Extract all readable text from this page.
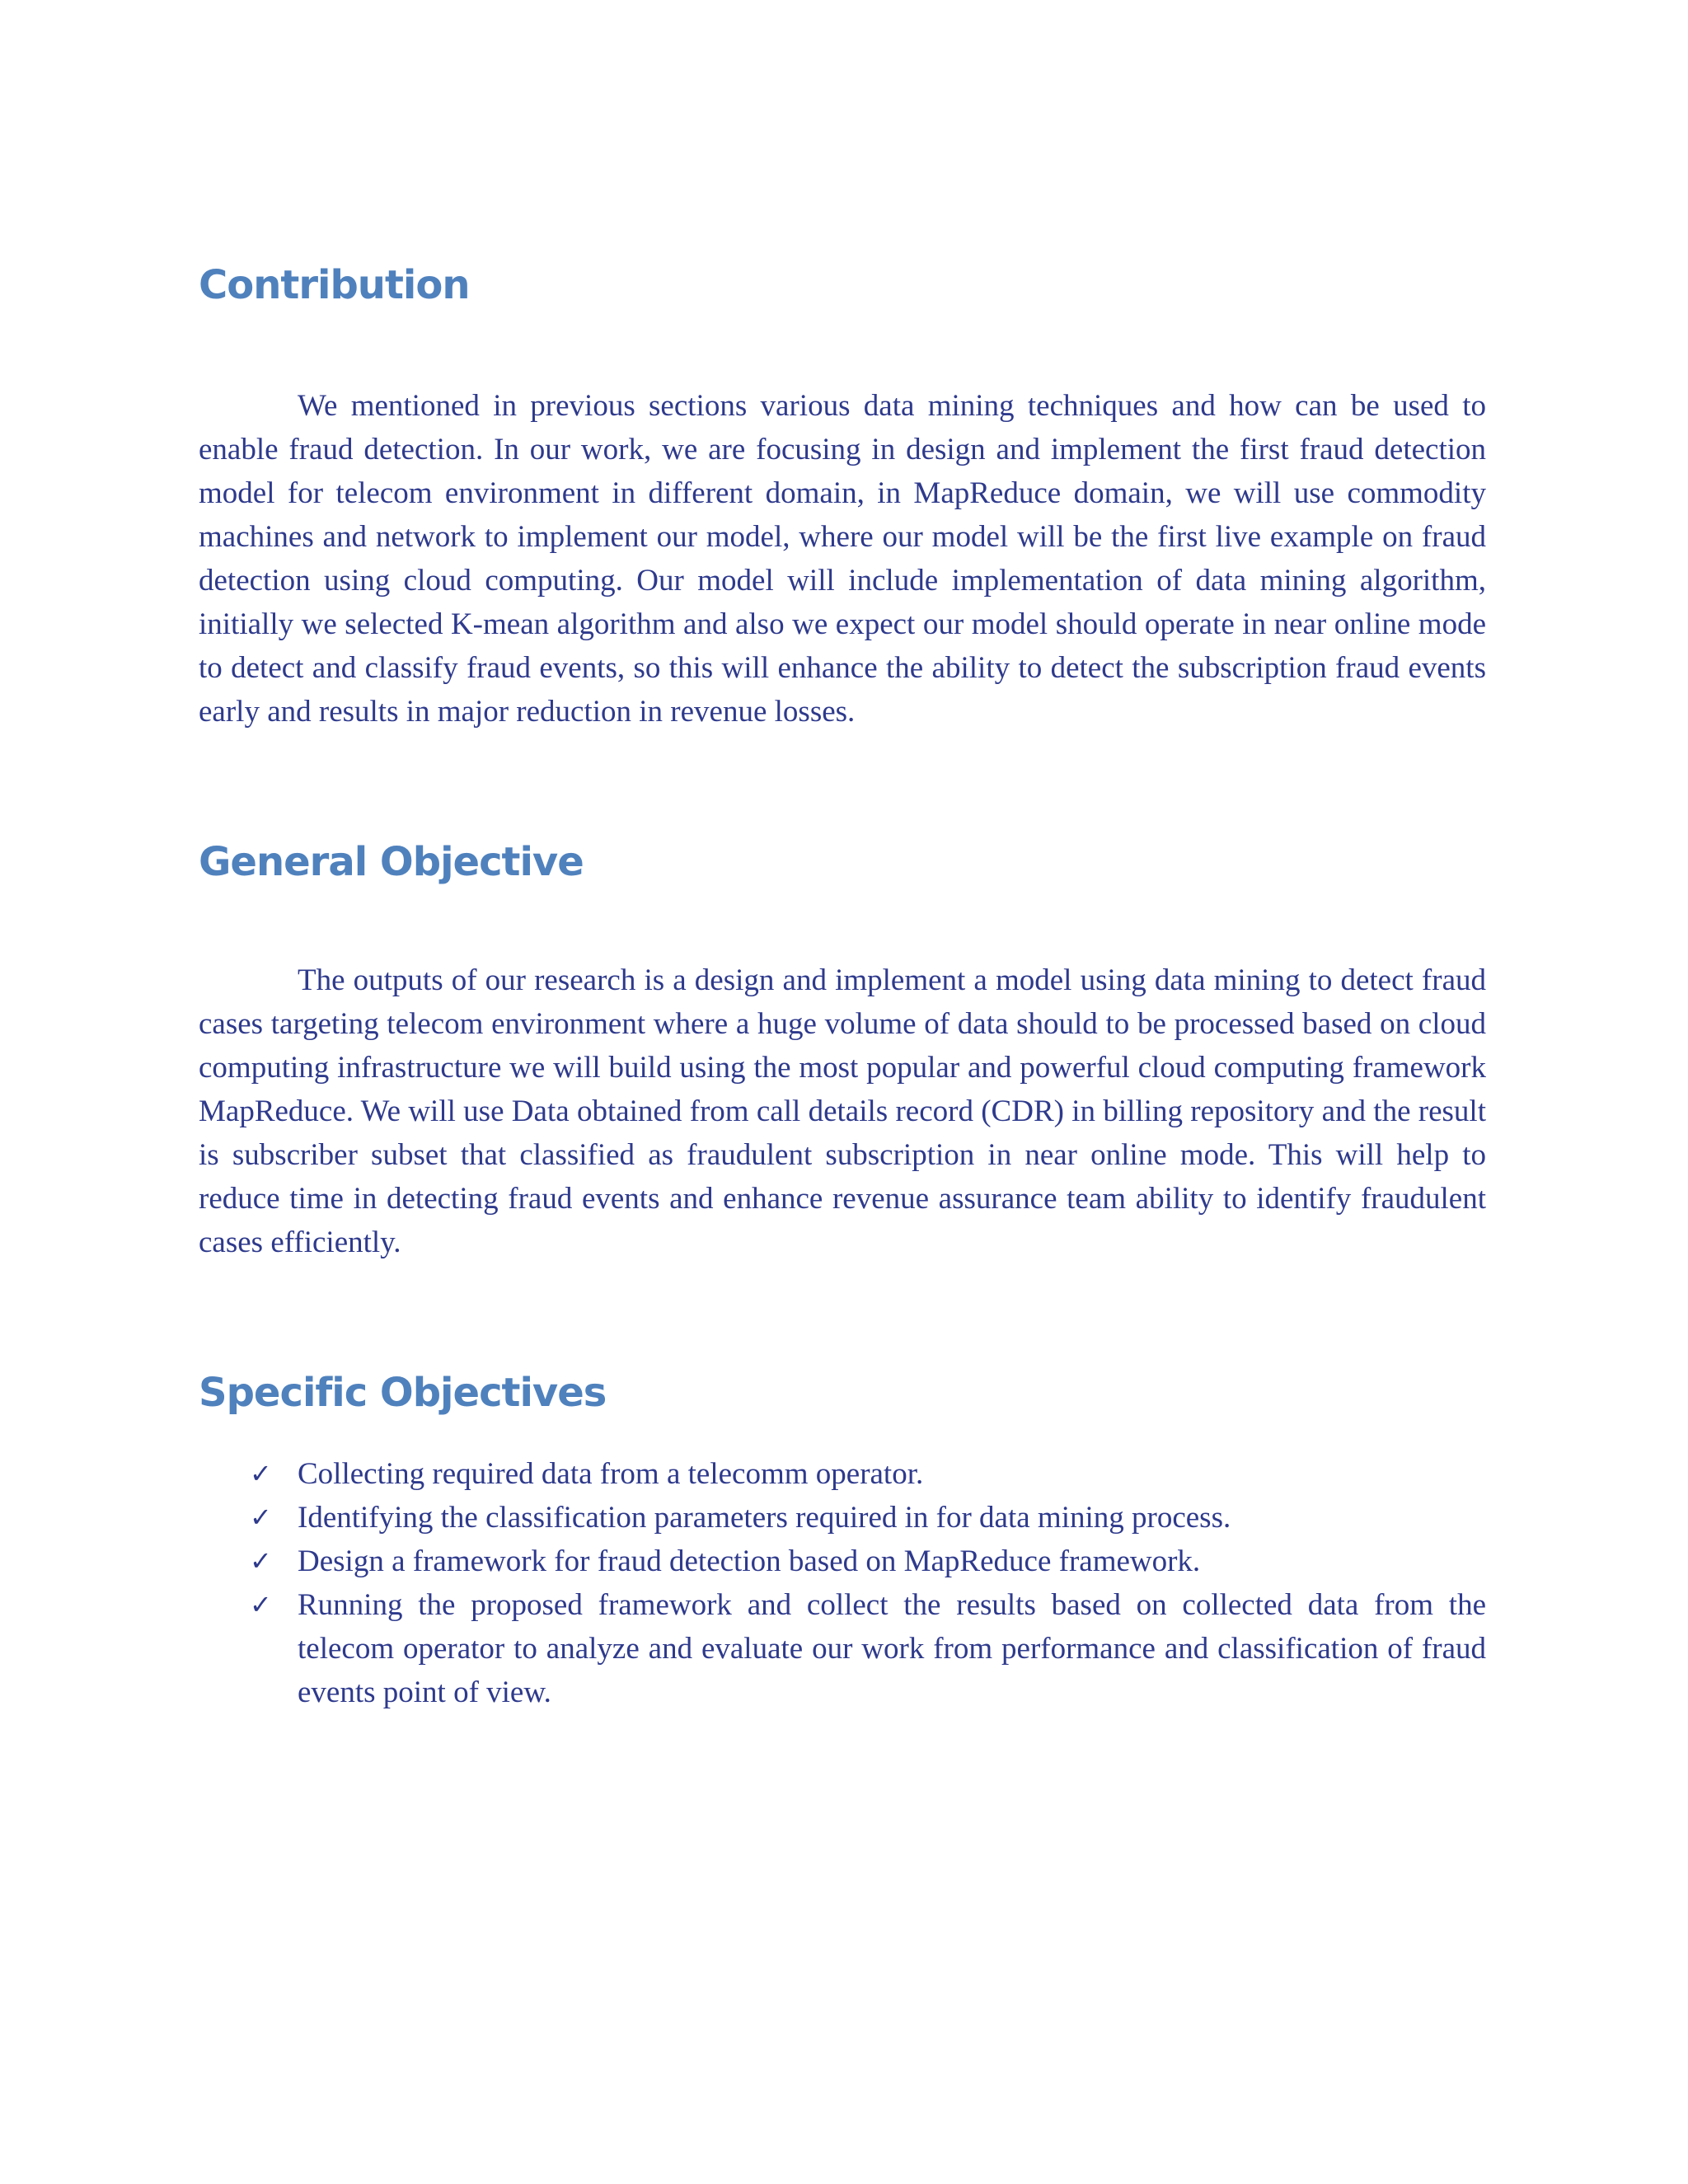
Contribution

We mentioned in previous sections various data mining techniques and how can be used to enable fraud detection. In our work, we are focusing in design and implement the first fraud detection model for telecom environment in different domain, in MapReduce domain, we will use commodity machines and network to implement our model, where our model will be the first live example on fraud detection using cloud computing. Our model will include implementation of data mining algorithm, initially we selected K-mean algorithm and also we expect our model should operate in near online mode to detect and classify fraud events, so this will enhance the ability to detect the subscription fraud events early and results in major reduction in revenue losses.

General Objective

The outputs of our research is a design and implement a model using data mining to detect fraud cases targeting telecom environment where a huge volume of data should to be processed based on cloud computing infrastructure we will build using the most popular and powerful cloud computing framework MapReduce. We will use Data obtained from call details record (CDR) in billing repository and the result is subscriber subset that classified as fraudulent subscription in near online mode. This will help to reduce time in detecting fraud events and enhance revenue assurance team ability to identify fraudulent cases efficiently.

Specific Objectives
✓ Collecting required data from a telecomm operator.
✓ Identifying the classification parameters required in for data mining process.
✓ Design a framework for fraud detection based on MapReduce framework.
✓ Running the proposed framework and collect the results based on collected data from the telecom operator to analyze and evaluate our work from performance and classification of fraud events point of view.
